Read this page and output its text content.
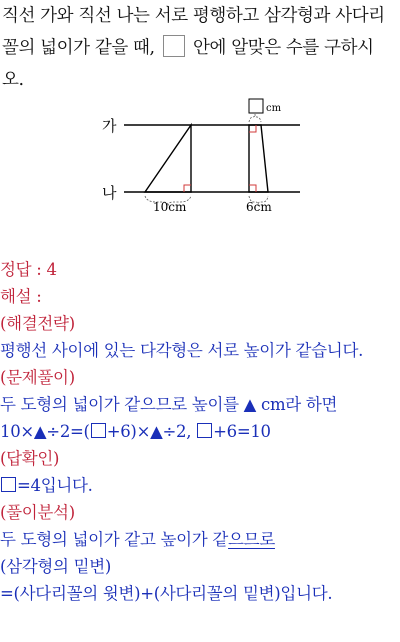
직선 가와 직선 나는 서로 평행하고 삼각형과 사다리
꼴의 넓이가 같을 때, 안에 알맞은 수를 구하시
오.
가
나
10cm	6cm
cm
정답 : 4
해설 :
(해결전략)
평행선 사이에 있는 다각형은 서로 높이가 같습니다.
(문제풀이)
두 도형의 넓이가 같으므로 높이를 ▲ cm라 하면
10×▲÷2=( +6)×▲÷2, +6=10
(답확인)
=4입니다.
(풀이분석)
두 도형의 넓이가 같고 높이가 같으므로
(삼각형의 밑변)
=(사다리꼴의 윗변)+(사다리꼴의 밑변)입니다.
